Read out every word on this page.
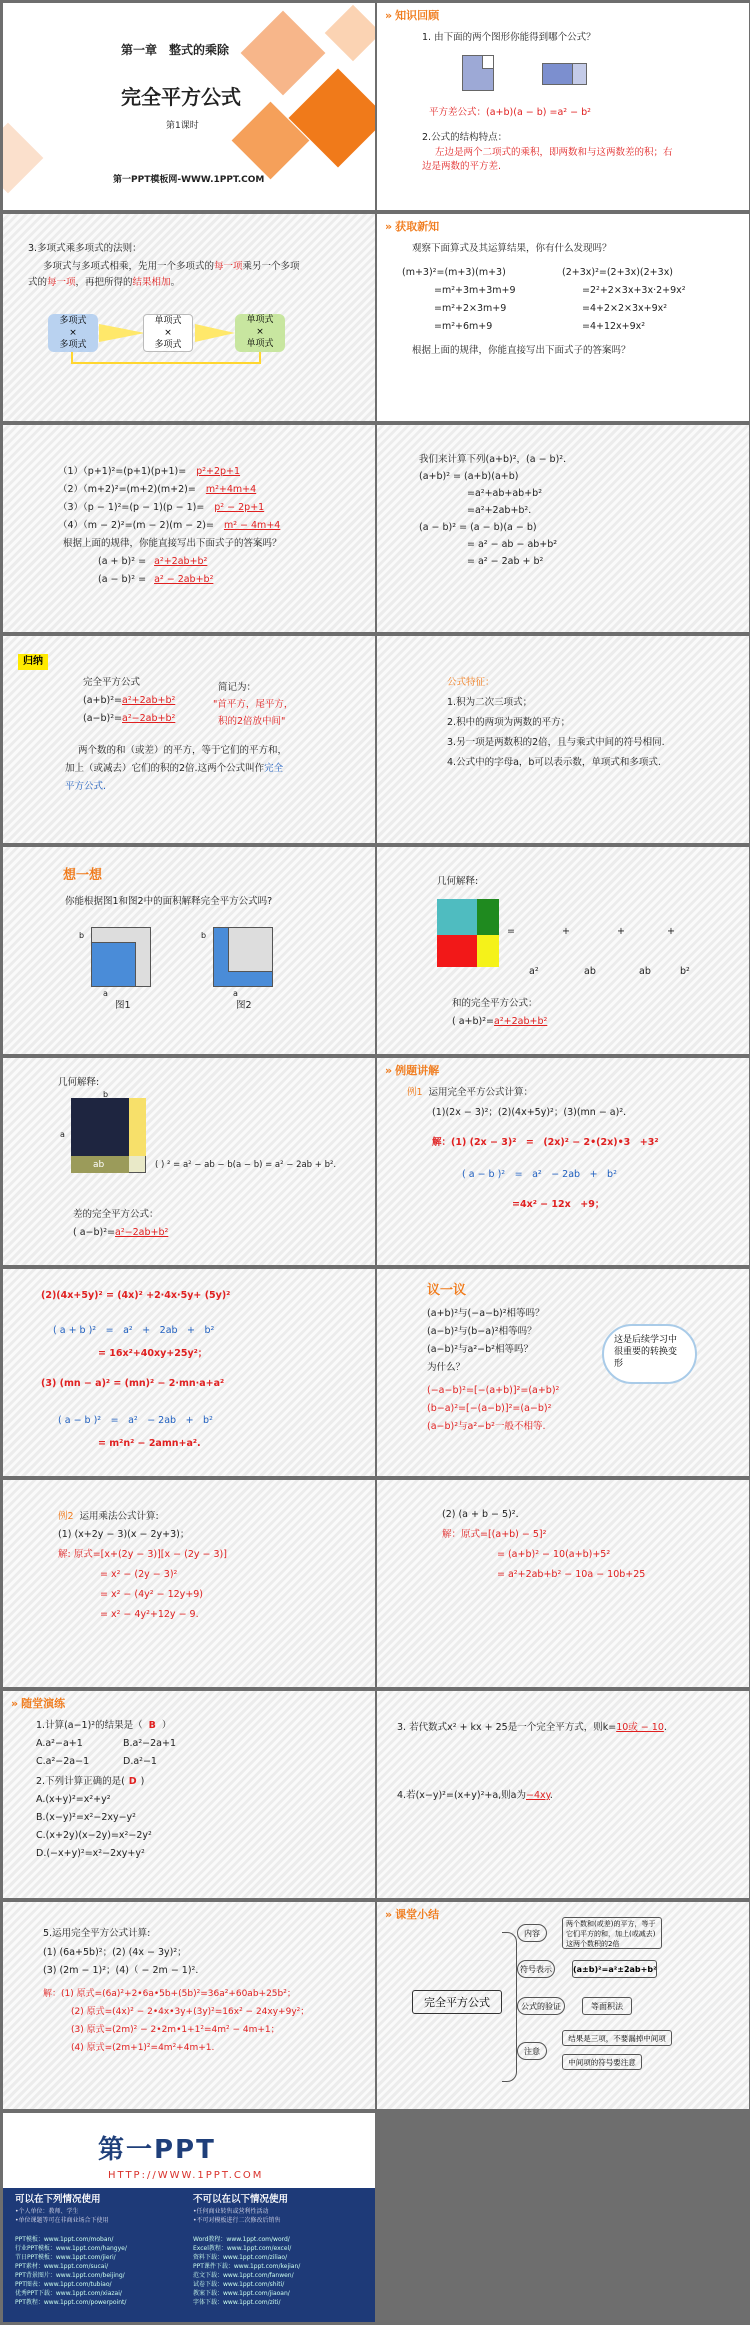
第一章　整式的乘除
完全平方公式
第1课时
第一PPT模板网-WWW.1PPT.COM
» 知识回顾
1. 由下面的两个图形你能得到哪个公式？
平方差公式：(a+b)(a − b) =a² − b²
2.公式的结构特点：
左边是两个二项式的乘积，即两数和与这两数差的积；右
边是两数的平方差.
3.多项式乘多项式的法则：
多项式与多项式相乘，先用一个多项式的每一项乘另一个多项
式的每一项，再把所得的结果相加。
多项式
×
多项式
单项式
×
多项式
单项式
×
单项式
» 获取新知
观察下面算式及其运算结果，你有什么发现吗？
(m+3)²=(m+3)(m+3)
=m²+3m+3m+9
=m²+2×3m+9
=m²+6m+9
(2+3x)²=(2+3x)(2+3x)
=2²+2×3x+3x·2+9x²
=4+2×2×3x+9x²
=4+12x+9x²
根据上面的规律，你能直接写出下面式子的答案吗？
（1）（p+1)²=(p+1)(p+1)= p²+2p+1
（2）（m+2)²=(m+2)(m+2)= m²+4m+4
（3）（p − 1)²=(p − 1)(p − 1)= p² − 2p+1
（4）（m − 2)²=(m − 2)(m − 2)= m² − 4m+4
根据上面的规律，你能直接写出下面式子的答案吗？
(a + b)² = a²+2ab+b²
(a − b)² = a² − 2ab+b²
我们来计算下列(a+b)²，(a − b)²．
(a+b)² = (a+b)(a+b)
=a²+ab+ab+b²
=a²+2ab+b²．
(a − b)² = (a − b)(a − b)
= a² − ab − ab+b²
= a² − 2ab + b²
归纳
完全平方公式
(a+b)²=a²+2ab+b²
(a−b)²=a²−2ab+b²
简记为：
"首平方，尾平方，
积的2倍放中间"
两个数的和（或差）的平方，等于它们的平方和，
加上（或减去）它们的积的2倍.这两个公式叫作完全
平方公式.
公式特征：
1.积为二次三项式；
2.积中的两项为两数的平方；
3.另一项是两数积的2倍，且与乘式中间的符号相同.
4.公式中的字母a，b可以表示数，单项式和多项式.
想一想
你能根据图1和图2中的面积解释完全平方公式吗?
a
b
a
b
图1	图2
几何解释:
=	+	+	+
a²	ab	ab	b²
和的完全平方公式：
( a+b)²=a²+2ab+b²
几何解释:
ab
a
b
( ) ² = a² − ab − b(a − b) = a² − 2ab + b².
差的完全平方公式：
( a−b)²=a²−2ab+b²
» 例题讲解
例1 运用完全平方公式计算：
(1)(2x − 3)²；(2)(4x+5y)²；(3)(mn − a)²．
解：(1) (2x − 3)²　=　(2x)² − 2•(2x)•3　+3²
( a − b )²　=　a²　− 2ab　+　b²
=4x² − 12x　+9；
(2)(4x+5y)² = (4x)² +2·4x·5y+ (5y)²
( a + b )²　=　a²　+　2ab　+　b²
= 16x²+40xy+25y²；
(3) (mn − a)² = (mn)² − 2·mn·a+a²
( a − b )²　=　a²　− 2ab　+　b²
= m²n² − 2amn+a².
议一议
(a+b)²与(−a−b)²相等吗？
(a−b)²与(b−a)²相等吗？
(a−b)²与a²−b²相等吗？
为什么？
(−a−b)²=[−(a+b)]²=(a+b)²
(b−a)²=[−(a−b)]²=(a−b)²
(a−b)²与a²−b²一般不相等.
这是后续学习中很重要的转换变形
例2 运用乘法公式计算:
(1) (x+2y − 3)(x − 2y+3)；
解: 原式=[x+(2y − 3)][x − (2y − 3)]
= x² − (2y − 3)²
= x² − (4y² − 12y+9)
= x² − 4y²+12y − 9.
(2) (a + b − 5)²．
解：原式=[(a+b) − 5]²
= (a+b)² − 10(a+b)+5²
= a²+2ab+b² − 10a − 10b+25
» 随堂演练
1.计算(a−1)²的结果是（ B ）
A.a²−a+1	B.a²−2a+1
C.a²−2a−1	D.a²−1
2.下列计算正确的是( D )
A.(x+y)²=x²+y²
B.(x−y)²=x²−2xy−y²
C.(x+2y)(x−2y)=x²−2y²
D.(−x+y)²=x²−2xy+y²
3. 若代数式x² + kx + 25是一个完全平方式，则k=10或 − 10.
4.若(x−y)²=(x+y)²+a,则a为−4xy.
5.运用完全平方公式计算:
(1) (6a+5b)²；(2) (4x − 3y)²；
(3) (2m − 1)²；(4)（ − 2m − 1)²．
解：(1) 原式=(6a)²+2•6a•5b+(5b)²=36a²+60ab+25b²；
(2) 原式=(4x)² − 2•4x•3y+(3y)²=16x² − 24xy+9y²；
(3) 原式=(2m)² − 2•2m•1+1²=4m² − 4m+1；
(4) 原式=(2m+1)²=4m²+4m+1.
» 课堂小结
完全平方公式
内容
两个数和(或差)的平方，等于它们平方的和，加上(或减去)这两个数积的2倍
符号表示	(a±b)²=a²±2ab+b²
公式的验证	等面积法
注意
结果是三项，不要漏掉中间项
中间项的符号要注意
第一PPT
HTTP://WWW.1PPT.COM
可以在下列情况使用	不可以在以下情况使用
•个人单位：教师、学生
•单位课题等可在非商业场合下使用
•任何商业转售或营利性活动
•不可对模板进行二次修改后销售
PPT模板：www.1ppt.com/moban/
行业PPT模板：www.1ppt.com/hangye/
节日PPT模板：www.1ppt.com/jieri/
PPT素材：www.1ppt.com/sucai/
PPT背景图片：www.1ppt.com/beijing/
PPT图表：www.1ppt.com/tubiao/
优秀PPT下载：www.1ppt.com/xiazai/
PPT教程：www.1ppt.com/powerpoint/
Word教程：www.1ppt.com/word/
Excel教程：www.1ppt.com/excel/
资料下载：www.1ppt.com/ziliao/
PPT课件下载：www.1ppt.com/kejian/
范文下载：www.1ppt.com/fanwen/
试卷下载：www.1ppt.com/shiti/
教案下载：www.1ppt.com/jiaoan/
字体下载：www.1ppt.com/ziti/
